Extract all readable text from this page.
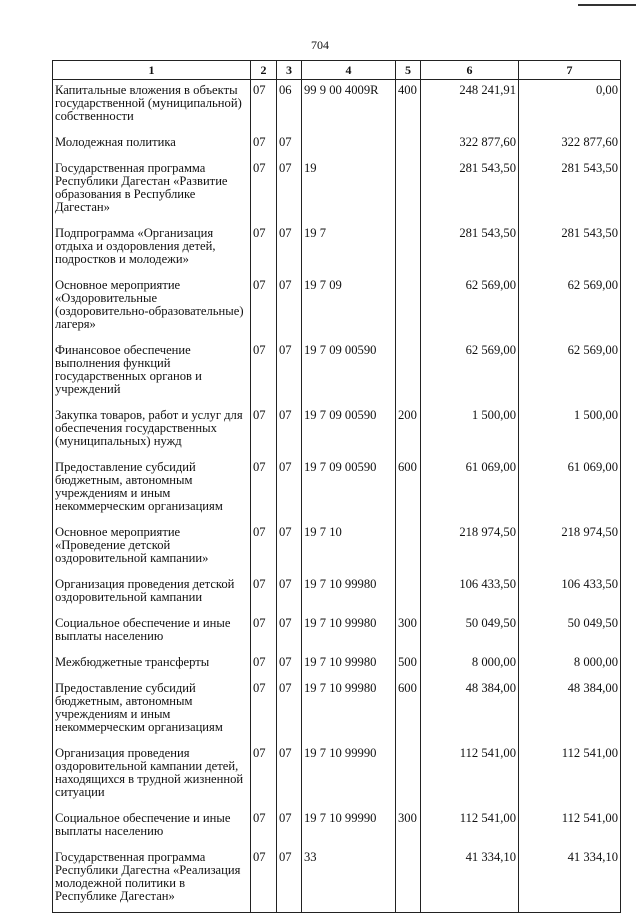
704
1	2	3	4	5	6	7
Капитальные вложения в объекты государственной (муниципальной) собственности	07	06	99 9 00 4009R	400	248 241,91	0,00
Молодежная политика	07	07			322 877,60	322 877,60
Государственная программа Республики Дагестан «Развитие образования в Республике Дагестан»	07	07	19		281 543,50	281 543,50
Подпрограмма «Организация отдыха и оздоровления детей, подростков и молодежи»	07	07	19 7		281 543,50	281 543,50
Основное мероприятие «Оздоровительные (оздоровительно-образовательные) лагеря»	07	07	19 7 09		62 569,00	62 569,00
Финансовое обеспечение выполнения функций государственных органов и учреждений	07	07	19 7 09 00590		62 569,00	62 569,00
Закупка товаров, работ и услуг для обеспечения государственных (муниципальных) нужд	07	07	19 7 09 00590	200	1 500,00	1 500,00
Предоставление субсидий бюджетным, автономным учреждениям и иным некоммерческим организациям	07	07	19 7 09 00590	600	61 069,00	61 069,00
Основное мероприятие «Проведение детской оздоровительной кампании»	07	07	19 7 10		218 974,50	218 974,50
Организация проведения детской оздоровительной кампании	07	07	19 7 10 99980		106 433,50	106 433,50
Социальное обеспечение и иные выплаты населению	07	07	19 7 10 99980	300	50 049,50	50 049,50
Межбюджетные трансферты	07	07	19 7 10 99980	500	8 000,00	8 000,00
Предоставление субсидий бюджетным, автономным учреждениям и иным некоммерческим организациям	07	07	19 7 10 99980	600	48 384,00	48 384,00
Организация проведения оздоровительной кампании детей, находящихся в трудной жизненной ситуации	07	07	19 7 10 99990		112 541,00	112 541,00
Социальное обеспечение и иные выплаты населению	07	07	19 7 10 99990	300	112 541,00	112 541,00
Государственная программа Республики Дагестна «Реализация молодежной политики в Республике Дагестан»	07	07	33		41 334,10	41 334,10
